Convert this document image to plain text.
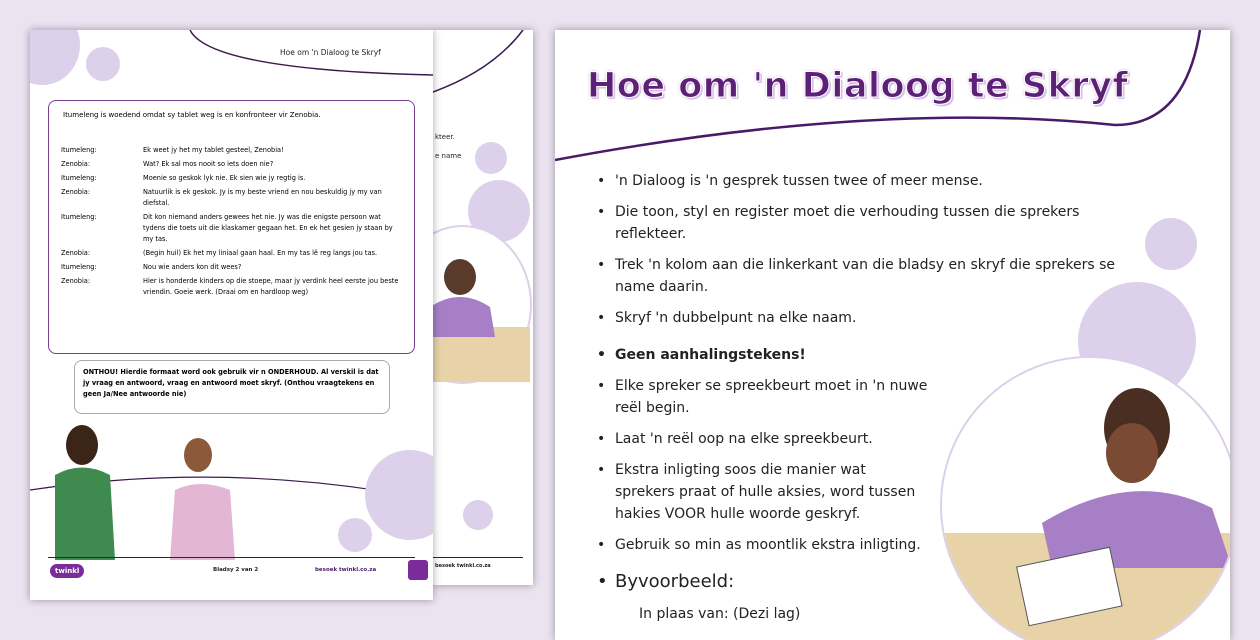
kteer.
e name
besoek twinkl.co.za
Hoe om 'n Dialoog te Skryf
Itumeleng is woedend omdat sy tablet weg is en konfronteer vir Zenobia.
Itumeleng:	Ek weet jy het my tablet gesteel, Zenobia!
Zenobia:	Wat? Ek sal mos nooit so iets doen nie?
Itumeleng:	Moenie so geskok lyk nie. Ek sien wie jy regtig is.
Zenobia:	Natuurlik is ek geskok. Jy is my beste vriend en nou beskuldig jy my van diefstal.
Itumeleng:	Dit kon niemand anders gewees het nie. Jy was die enigste persoon wat tydens die toets uit die klaskamer gegaan het. En ek het gesien jy staan by my tas.
Zenobia:	(Begin huil) Ek het my liniaal gaan haal. En my tas lê reg langs jou tas.
Itumeleng:	Nou wie anders kon dit wees?
Zenobia:	Hier is honderde kinders op die stoepe, maar jy verdink heel eerste jou beste vriendin. Goeie werk. (Draai om en hardloop weg)
ONTHOU! Hierdie formaat word ook gebruik vir n ONDERHOUD. Al verskil is dat jy vraag en antwoord, vraag en antwoord moet skryf. (Onthou vraagtekens en geen Ja/Nee antwoorde nie)
twinkl	Bladsy 2 van 2	besoek twinkl.co.za
Hoe om 'n Dialoog te Skryf
• 'n Dialoog is 'n gesprek tussen twee of meer mense.
• Die toon, styl en register moet die verhouding tussen die sprekers reflekteer.
• Trek 'n kolom aan die linkerkant van die bladsy en skryf die sprekers se name daarin.
• Skryf 'n dubbelpunt na elke naam.
• Geen aanhalingstekens!
• Elke spreker se spreekbeurt moet in 'n nuwe reël begin.
• Laat 'n reël oop na elke spreekbeurt.
• Ekstra inligting soos die manier wat sprekers praat of hulle aksies, word tussen hakies VOOR hulle woorde geskryf.
• Gebruik so min as moontlik ekstra inligting.
• Byvoorbeeld:
In plaas van: (Dezi lag)
